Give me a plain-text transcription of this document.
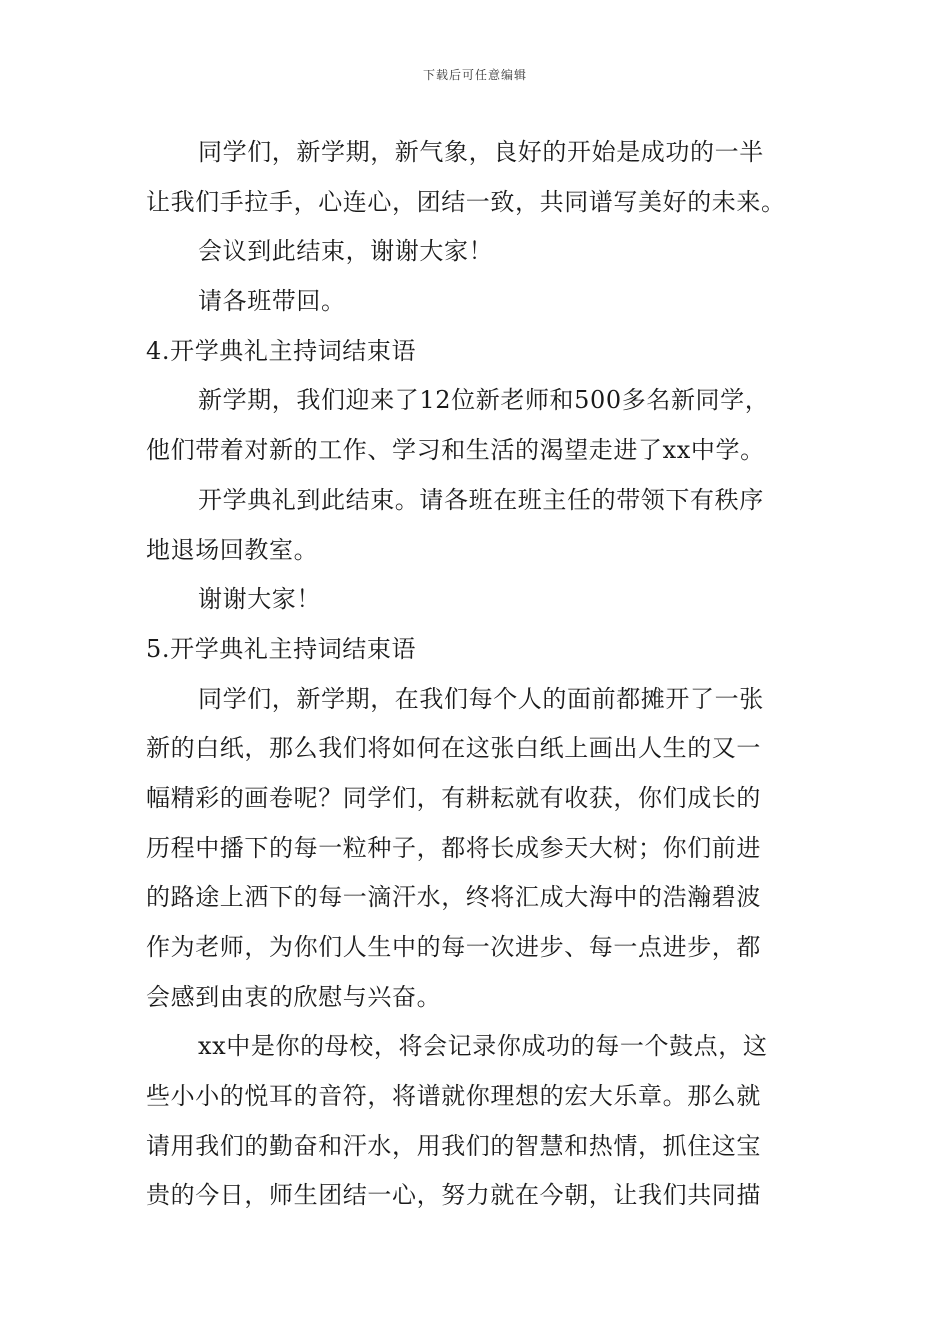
下载后可任意编辑
同学们，新学期，新气象，良好的开始是成功的一半
让我们手拉手，心连心，团结一致，共同谱写美好的未来。
会议到此结束，谢谢大家！
请各班带回。
4.开学典礼主持词结束语
新学期，我们迎来了12位新老师和500多名新同学，
他们带着对新的工作、学习和生活的渴望走进了xx中学。
开学典礼到此结束。请各班在班主任的带领下有秩序
地退场回教室。
谢谢大家！
5.开学典礼主持词结束语
同学们，新学期，在我们每个人的面前都摊开了一张
新的白纸，那么我们将如何在这张白纸上画出人生的又一
幅精彩的画卷呢？同学们，有耕耘就有收获，你们成长的
历程中播下的每一粒种子，都将长成参天大树；你们前进
的路途上洒下的每一滴汗水，终将汇成大海中的浩瀚碧波
作为老师，为你们人生中的每一次进步、每一点进步，都
会感到由衷的欣慰与兴奋。
xx中是你的母校，将会记录你成功的每一个鼓点，这
些小小的悦耳的音符，将谱就你理想的宏大乐章。那么就
请用我们的勤奋和汗水，用我们的智慧和热情，抓住这宝
贵的今日，师生团结一心，努力就在今朝，让我们共同描
